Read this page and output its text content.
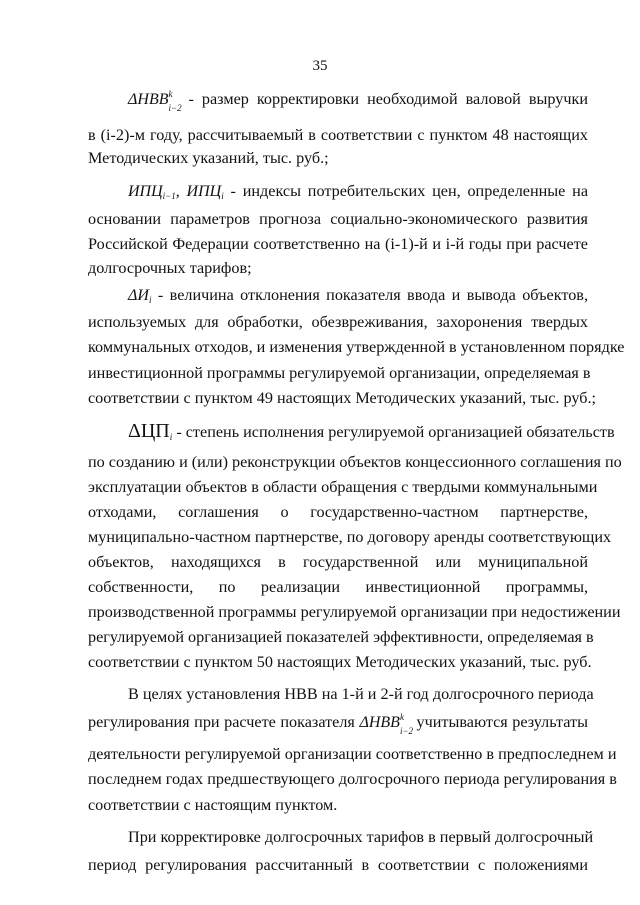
35
ΔНВВ k
i−2 - размер корректировки необходимой валовой выручки
в (i-2)-м году, рассчитываемый в соответствии с пунктом 48 настоящих
Методических указаний, тыс. руб.;
$ИПЦ_{i-1}$, $ИПЦ_i$ - индексы потребительских цен, определенные на
основании параметров прогноза социально-экономического развития
Российской Федерации соответственно на (i-1)-й и i-й годы при расчете
долгосрочных тарифов;
$\Delta И_i$ - величина отклонения показателя ввода и вывода объектов,
используемых для обработки, обезвреживания, захоронения твердых
коммунальных отходов, и изменения утвержденной в установленном порядке
инвестиционной программы регулируемой организации, определяемая в
соответствии с пунктом 49 настоящих Методических указаний, тыс. руб.;
$\Delta ЦП_i$ - степень исполнения регулируемой организацией обязательств
по созданию и (или) реконструкции объектов концессионного соглашения по
эксплуатации объектов в области обращения с твердыми коммунальными
отходами, соглашения о государственно-частном партнерстве,
муниципально-частном партнерстве, по договору аренды соответствующих
объектов, находящихся в государственной или муниципальной
собственности, по реализации инвестиционной программы,
производственной программы регулируемой организации при недостижении
регулируемой организацией показателей эффективности, определяемая в
соответствии с пунктом 50 настоящих Методических указаний, тыс. руб.
В целях установления НВВ на 1-й и 2-й год долгосрочного периода
регулирования при расчете показателя ΔНВВ k
i−2 учитываются результаты
деятельности регулируемой организации соответственно в предпоследнем и
последнем годах предшествующего долгосрочного периода регулирования в
соответствии с настоящим пунктом.
При корректировке долгосрочных тарифов в первый долгосрочный
период регулирования рассчитанный в соответствии с положениями
